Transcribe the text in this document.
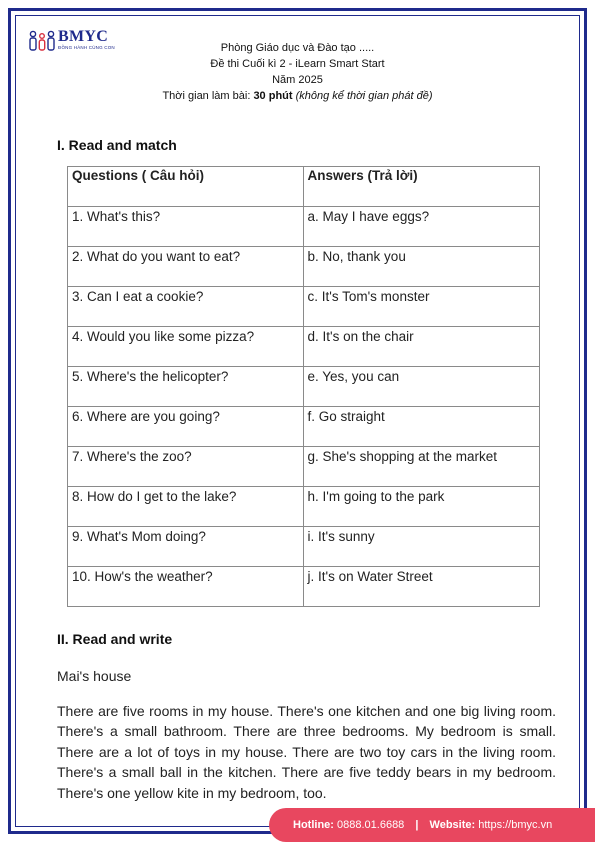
BMYC
ĐỒNG HÀNH CÙNG CON	Phòng Giáo dục và Đào tạo .....
Đề thi Cuối kì 2 - iLearn Smart Start
Năm 2025
Thời gian làm bài: 30 phút (không kể thời gian phát đề)
I. Read and match
Questions ( Câu hỏi)	Answers (Trả lời)
1. What's this?	a. May I have eggs?
2. What do you want to eat?	b. No, thank you
3. Can I eat a cookie?	c. It's Tom's monster
4. Would you like some pizza?	d. It's on the chair
5. Where's the helicopter?	e. Yes, you can
6. Where are you going?	f. Go straight
7. Where's the zoo?	g. She's shopping at the market
8. How do I get to the lake?	h. I'm going to the park
9. What's Mom doing?	i. It's sunny
10. How's the weather?	j. It's on Water Street
II. Read and write
Mai's house
There are five rooms in my house. There's one kitchen and one big living room. There's a small bathroom. There are three bedrooms. My bedroom is small. There are a lot of toys in my house. There are two toy cars in the living room. There's a small ball in the kitchen. There are five teddy bears in my bedroom. There's one yellow kite in my bedroom, too.
Hotline: 0888.01.6688 | Website: https://bmyc.vn
